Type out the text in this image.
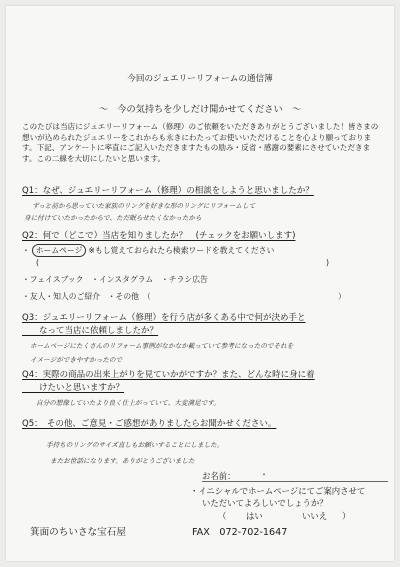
今回のジュエリーリフォームの通信簿
～　今の気持ちを少しだけ聞かせてください　～
このたびは当店にジュエリーリフォーム（修理）のご依頼をいただきありがとうございました！皆さまの想いが込められたジュエリーをこれからも永きにわたってお使いいただけることを心より願っております。下記、アンケートに率直にご記入いただきますたもの励み・反省・感謝の要素にさせていただきます。この二線を大切にしたいと思います。
Q1：なぜ、ジュエリーリフォーム（修理）の相談をしようと思いましたか？
ずっと前から思っていた家族のリングを好きな形のリングにリフォームして
身に付けていたかったからで、ただ眠らせたくなかったから
Q2：何で（どこで）当店を知りましたか？　(チェックをお願いします)
・ ホームページ ※もし覚えておられたら検索ワードを教えてください
(	)
・フェイスブック　・インスタグラム　・チラシ広告
・友人・知人のご紹介　・その他　（	）
Q3：ジュエリーリフォーム（修理）を行う店が多くある中で何が決め手と
　　なって当店に依頼しましたか？
ホームページにたくさんのリフォーム事例がなかなか載っていて参考になったのでそれを
イメージができやすかったので
Q4：実際の商品の出来上がりを見ていかがですか？また、どんな時に身に着
　　けたいと思いますか？
自分の想像していたより良く仕上がっていて、大変満足です。
Q5：　その他、ご意見・ご感想がありましたらお聞かせください。
手持ちのリングのサイズ直しもお願いすることにしました。
またお世話になります。ありがとうございました
お名前：	・
・イニシャルでホームページにてご案内させて
いただいてよろしいでしょうか？
（ はい	いいえ ）
箕面のちいさな宝石屋	FAX　072-702-1647
